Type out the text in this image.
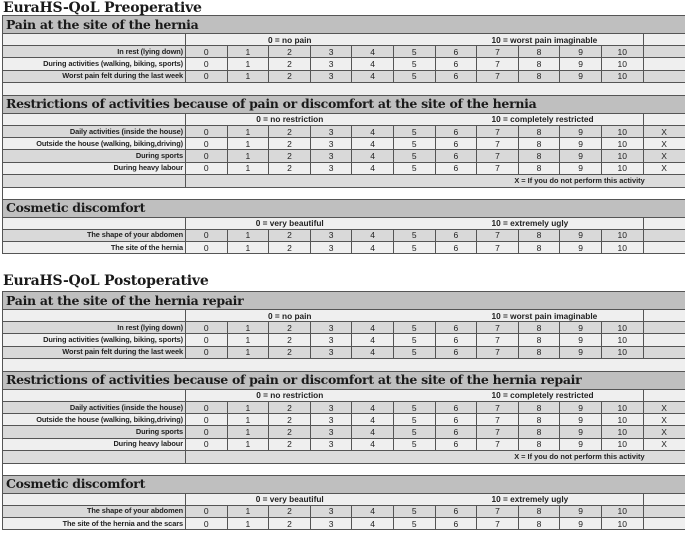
EuraHS-QoL Preoperative
Pain at the site of the hernia												
	0 = no pain					10 = worst pain imaginable						
In rest (lying down)	0	1	2	3	4	5	6	7	8	9	10	
During activities (walking, biking, sports)	0	1	2	3	4	5	6	7	8	9	10	
Worst pain felt during the last week	0	1	2	3	4	5	6	7	8	9	10	

Restrictions of activities because of pain or discomfort at the site of the hernia												
	0 = no restriction					10 = completely restricted						
Daily activities (inside the house)	0	1	2	3	4	5	6	7	8	9	10	X
Outside the house (walking, biking,driving)	0	1	2	3	4	5	6	7	8	9	10	X
During sports	0	1	2	3	4	5	6	7	8	9	10	X
During heavy labour	0	1	2	3	4	5	6	7	8	9	10	X
	X = If you do not perform this activity											

Cosmetic discomfort												
	0 = very beautiful					10 = extremely ugly						
The shape of your abdomen	0	1	2	3	4	5	6	7	8	9	10	
The site of the hernia	0	1	2	3	4	5	6	7	8	9	10	
EuraHS-QoL Postoperative
Pain at the site of the hernia repair												
	0 = no pain					10 = worst pain imaginable						
In rest (lying down)	0	1	2	3	4	5	6	7	8	9	10	
During activities (walking, biking, sports)	0	1	2	3	4	5	6	7	8	9	10	
Worst pain felt during the last week	0	1	2	3	4	5	6	7	8	9	10	

Restrictions of activities because of pain or discomfort at the site of the hernia repair												
	0 = no restriction					10 = completely restricted						
Daily activities (inside the house)	0	1	2	3	4	5	6	7	8	9	10	X
Outside the house (walking, biking,driving)	0	1	2	3	4	5	6	7	8	9	10	X
During sports	0	1	2	3	4	5	6	7	8	9	10	X
During heavy labour	0	1	2	3	4	5	6	7	8	9	10	X
	X = If you do not perform this activity											

Cosmetic discomfort												
	0 = very beautiful					10 = extremely ugly						
The shape of your abdomen	0	1	2	3	4	5	6	7	8	9	10	
The site of the hernia and the scars	0	1	2	3	4	5	6	7	8	9	10	
